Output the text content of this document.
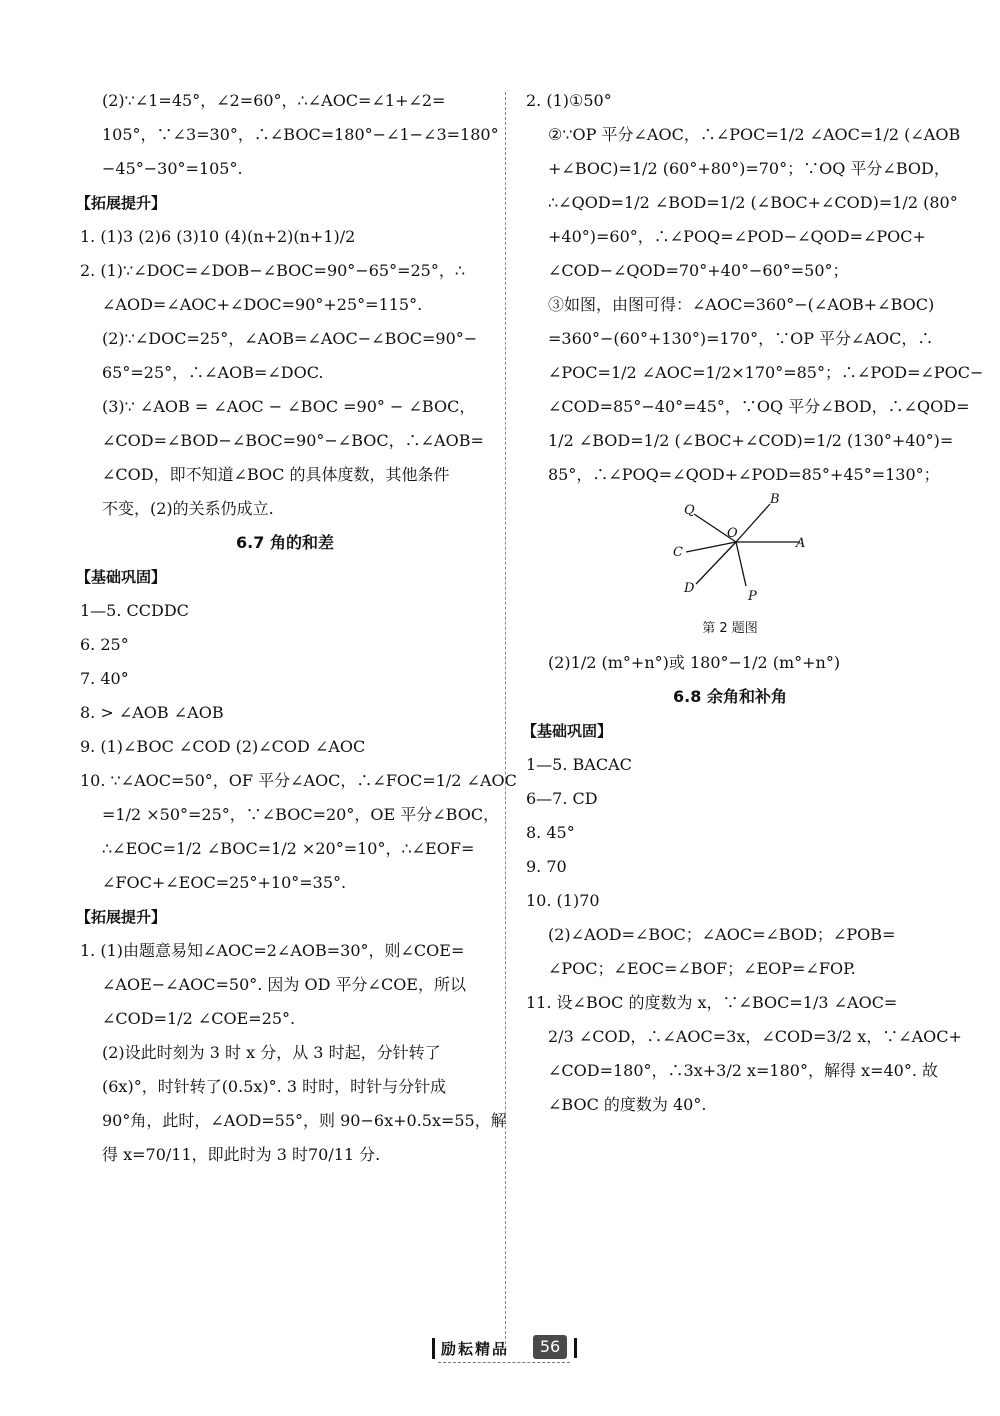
(2)∵∠1=45°，∠2=60°，∴∠AOC=∠1+∠2=
105°，∵∠3=30°，∴∠BOC=180°−∠1−∠3=180°
−45°−30°=105°.
【拓展提升】
1. (1)3 (2)6 (3)10 (4)(n+2)(n+1)/2
2. (1)∵∠DOC=∠DOB−∠BOC=90°−65°=25°，∴
∠AOD=∠AOC+∠DOC=90°+25°=115°.
(2)∵∠DOC=25°，∠AOB=∠AOC−∠BOC=90°−
65°=25°，∴∠AOB=∠DOC.
(3)∵ ∠AOB = ∠AOC − ∠BOC =90° − ∠BOC，
∠COD=∠BOD−∠BOC=90°−∠BOC，∴∠AOB=
∠COD，即不知道∠BOC 的具体度数，其他条件
不变，(2)的关系仍成立.
6.7 角的和差
【基础巩固】
1—5. CCDDC
6. 25°
7. 40°
8. > ∠AOB ∠AOB
9. (1)∠BOC ∠COD (2)∠COD ∠AOC
10. ∵∠AOC=50°，OF 平分∠AOC，∴∠FOC=1/2 ∠AOC
=1/2 ×50°=25°，∵∠BOC=20°，OE 平分∠BOC，
∴∠EOC=1/2 ∠BOC=1/2 ×20°=10°，∴∠EOF=
∠FOC+∠EOC=25°+10°=35°.
【拓展提升】
1. (1)由题意易知∠AOC=2∠AOB=30°，则∠COE=
∠AOE−∠AOC=50°. 因为 OD 平分∠COE，所以
∠COD=1/2 ∠COE=25°.
(2)设此时刻为 3 时 x 分，从 3 时起，分针转了
(6x)°，时针转了(0.5x)°. 3 时时，时针与分针成
90°角，此时，∠AOD=55°，则 90−6x+0.5x=55，解
得 x=70/11，即此时为 3 时70/11 分.
2. (1)①50°
②∵OP 平分∠AOC，∴∠POC=1/2 ∠AOC=1/2 (∠AOB
+∠BOC)=1/2 (60°+80°)=70°；∵OQ 平分∠BOD，
∴∠QOD=1/2 ∠BOD=1/2 (∠BOC+∠COD)=1/2 (80°
+40°)=60°，∴∠POQ=∠POD−∠QOD=∠POC+
∠COD−∠QOD=70°+40°−60°=50°；
③如图，由图可得：∠AOC=360°−(∠AOB+∠BOC)
=360°−(60°+130°)=170°，∵OP 平分∠AOC，∴
∠POC=1/2 ∠AOC=1/2×170°=85°；∴∠POD=∠POC−
∠COD=85°−40°=45°，∵OQ 平分∠BOD，∴∠QOD=
1/2 ∠BOD=1/2 (∠BOC+∠COD)=1/2 (130°+40°)=
85°，∴∠POQ=∠QOD+∠POD=85°+45°=130°；
Q
B
O
C
A
D
P
第 2 题图
(2)1/2 (m°+n°)或 180°−1/2 (m°+n°)
6.8 余角和补角
【基础巩固】
1—5. BACAC
6—7. CD
8. 45°
9. 70
10. (1)70
(2)∠AOD=∠BOC；∠AOC=∠BOD；∠POB=
∠POC；∠EOC=∠BOF；∠EOP=∠FOP.
11. 设∠BOC 的度数为 x，∵∠BOC=1/3 ∠AOC=
2/3 ∠COD，∴∠AOC=3x，∠COD=3/2 x，∵∠AOC+
∠COD=180°，∴3x+3/2 x=180°，解得 x=40°. 故
∠BOC 的度数为 40°.
励耘精品	56
